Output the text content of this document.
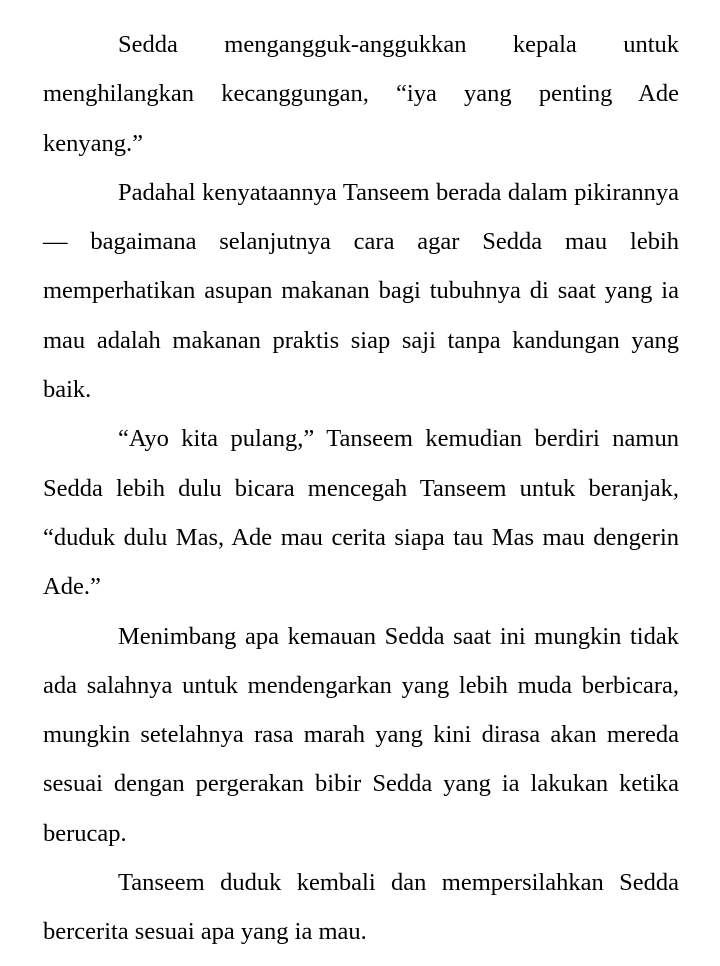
Sedda mengangguk-anggukkan kepala untuk menghilangkan kecanggungan, “iya yang penting Ade kenyang.”

Padahal kenyataannya Tanseem berada dalam pikirannya— bagaimana selanjutnya cara agar Sedda mau lebih memperhatikan asupan makanan bagi tubuhnya di saat yang ia mau adalah makanan praktis siap saji tanpa kandungan yang baik.

“Ayo kita pulang,” Tanseem kemudian berdiri namun Sedda lebih dulu bicara mencegah Tanseem untuk beranjak, “duduk dulu Mas, Ade mau cerita siapa tau Mas mau dengerin Ade.”

Menimbang apa kemauan Sedda saat ini mungkin tidak ada salahnya untuk mendengarkan yang lebih muda berbicara, mungkin setelahnya rasa marah yang kini dirasa akan mereda sesuai dengan pergerakan bibir Sedda yang ia lakukan ketika berucap.

Tanseem duduk kembali dan mempersilahkan Sedda bercerita sesuai apa yang ia mau.
